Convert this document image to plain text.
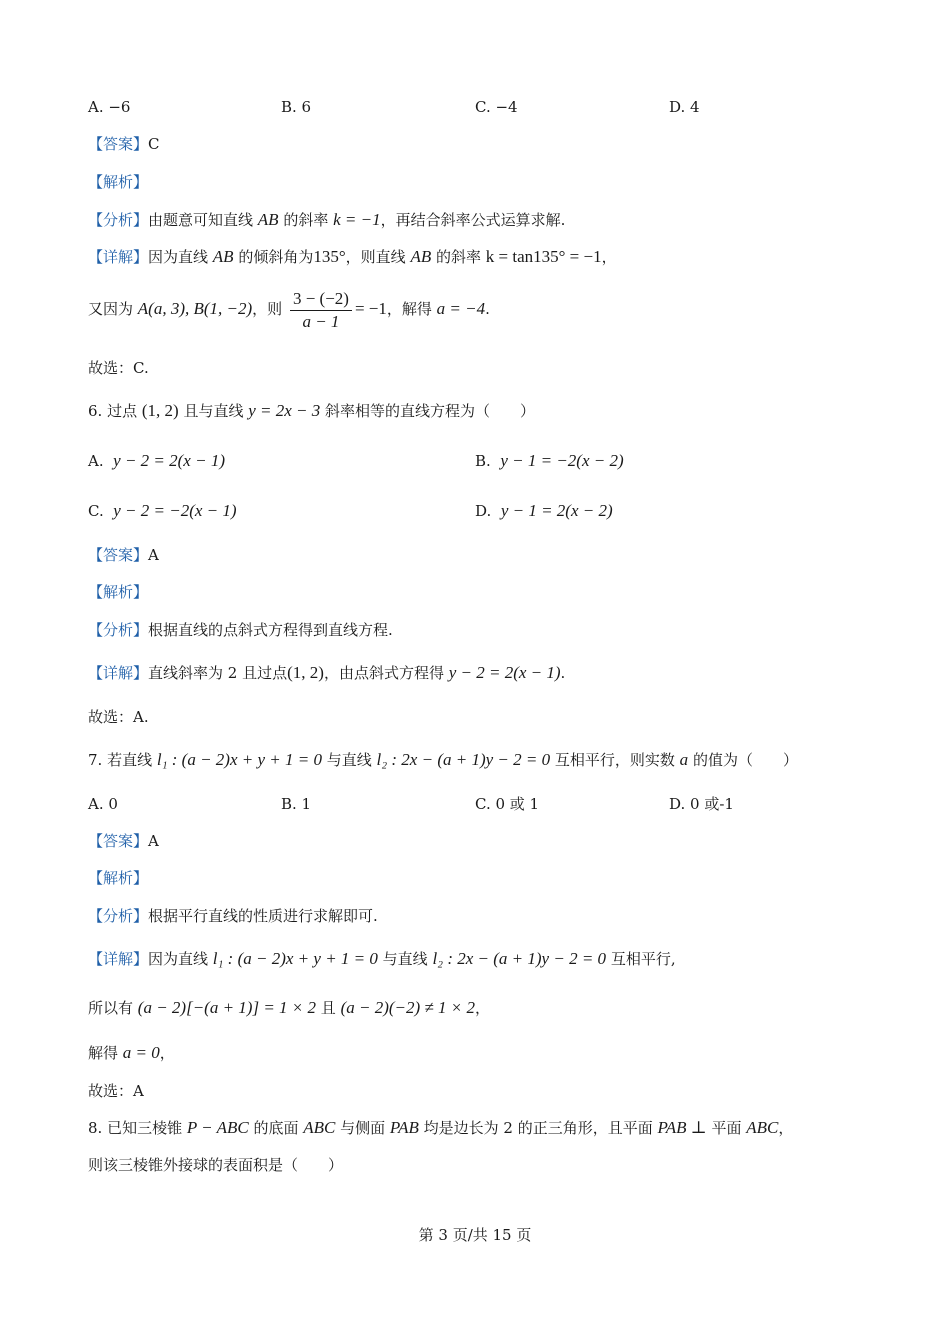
A. −6	B. 6	C. −4	D. 4
【答案】C
【解析】
【分析】由题意可知直线 AB 的斜率 k = −1，再结合斜率公式运算求解.
【详解】因为直线 AB 的倾斜角为135°，则直线 AB 的斜率 k = tan135° = −1，
又因为 A(a, 3), B(1, −2)，则 $\frac{3 - (-2)}{a - 1} = -1$，解得 a = −4.
故选：C.
6. 过点 (1, 2) 且与直线 y = 2x − 3 斜率相等的直线方程为（　　）
A. y − 2 = 2(x − 1)	B. y − 1 = −2(x − 2)
C. y − 2 = −2(x − 1)	D. y − 1 = 2(x − 2)
【答案】A
【解析】
【分析】根据直线的点斜式方程得到直线方程.
【详解】直线斜率为 2 且过点(1, 2)，由点斜式方程得 y − 2 = 2(x − 1).
故选：A.
7. 若直线 l₁ : (a − 2)x + y + 1 = 0 与直线 l₂ : 2x − (a + 1)y − 2 = 0 互相平行，则实数 a 的值为（　　）
A. 0	B. 1	C. 0 或 1	D. 0 或-1
【答案】A
【解析】
【分析】根据平行直线的性质进行求解即可.
【详解】因为直线 l₁ : (a − 2)x + y + 1 = 0 与直线 l₂ : 2x − (a + 1)y − 2 = 0 互相平行,
所以有 (a − 2)[−(a + 1)] = 1 × 2 且 (a − 2)(−2) ≠ 1 × 2，
解得 a = 0，
故选：A
8. 已知三棱锥 P − ABC 的底面 ABC 与侧面 PAB 均是边长为 2 的正三角形，且平面 PAB ⊥ 平面 ABC，
则该三棱锥外接球的表面积是（　　）
第 3 页/共 15 页
